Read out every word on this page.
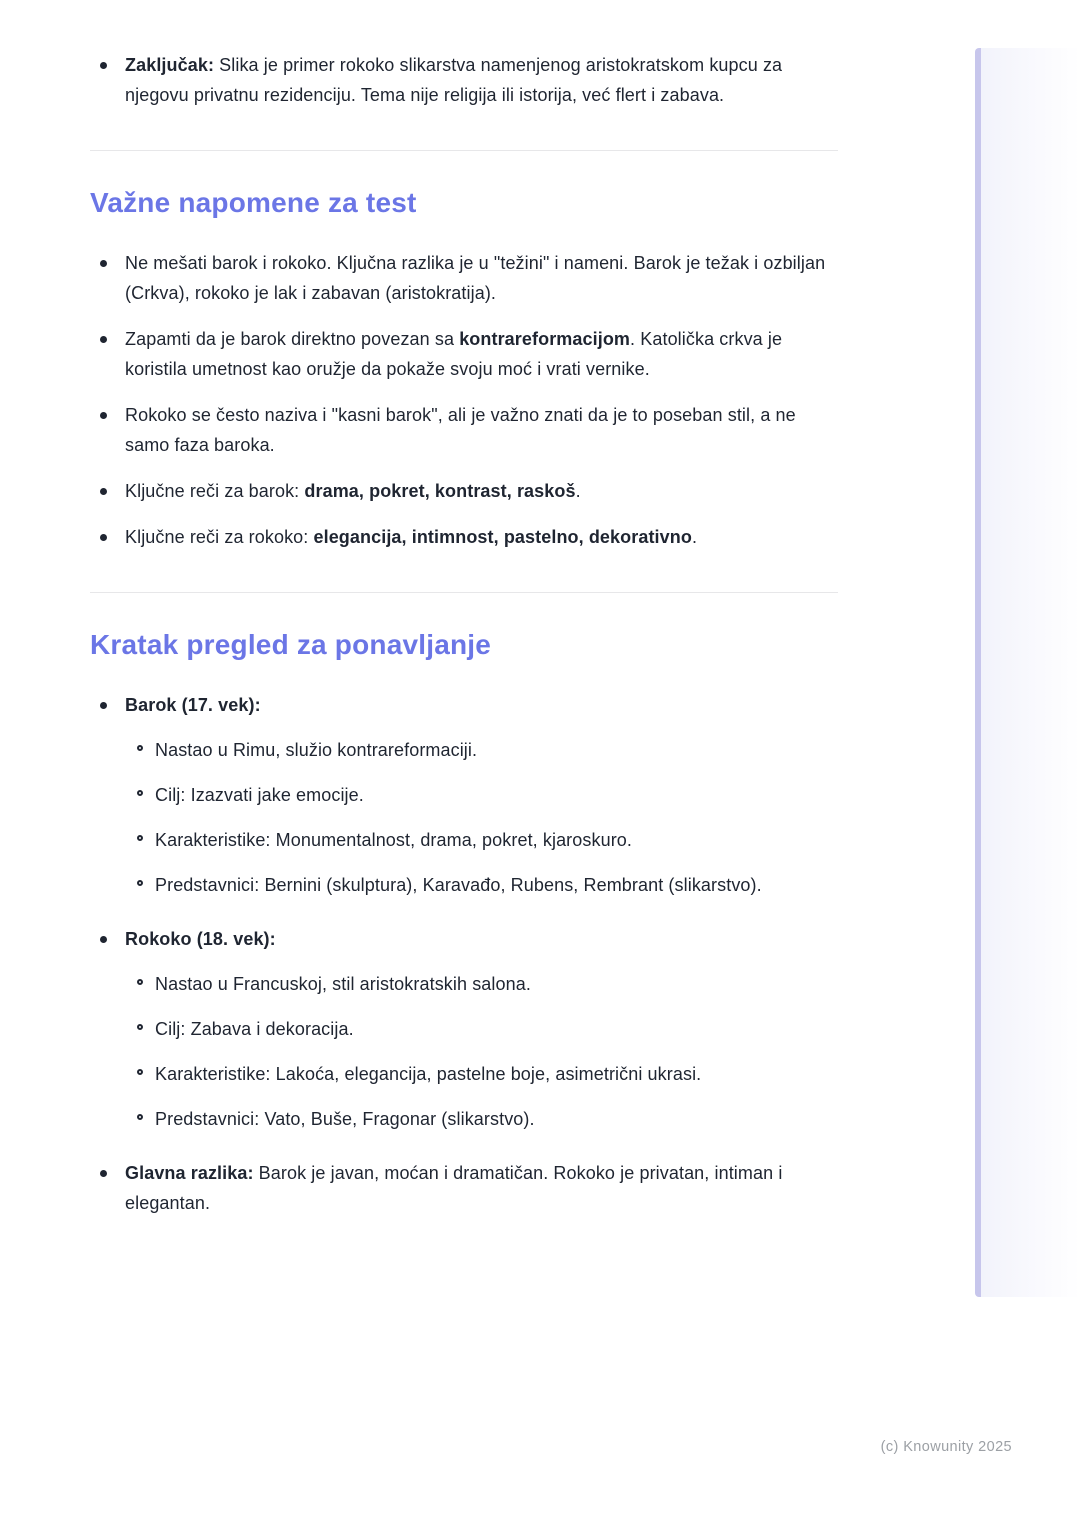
Zaključak: Slika je primer rokoko slikarstva namenjenog aristokratskom kupcu za njegovu privatnu rezidenciju. Tema nije religija ili istorija, već flert i zabava.
Važne napomene za test
Ne mešati barok i rokoko. Ključna razlika je u "težini" i nameni. Barok je težak i ozbiljan (Crkva), rokoko je lak i zabavan (aristokratija).
Zapamti da je barok direktno povezan sa kontrareformacijom. Katolička crkva je koristila umetnost kao oružje da pokaže svoju moć i vrati vernike.
Rokoko se često naziva i "kasni barok", ali je važno znati da je to poseban stil, a ne samo faza baroka.
Ključne reči za barok: drama, pokret, kontrast, raskoš.
Ključne reči za rokoko: elegancija, intimnost, pastelno, dekorativno.
Kratak pregled za ponavljanje
Barok (17. vek):
Nastao u Rimu, služio kontrareformaciji.
Cilj: Izazvati jake emocije.
Karakteristike: Monumentalnost, drama, pokret, kjaroskuro.
Predstavnici: Bernini (skulptura), Karavađo, Rubens, Rembrant (slikarstvo).
Rokoko (18. vek):
Nastao u Francuskoj, stil aristokratskih salona.
Cilj: Zabava i dekoracija.
Karakteristike: Lakoća, elegancija, pastelne boje, asimetrični ukrasi.
Predstavnici: Vato, Buše, Fragonar (slikarstvo).
Glavna razlika: Barok je javan, moćan i dramatičan. Rokoko je privatan, intiman i elegantan.
(c) Knowunity 2025
